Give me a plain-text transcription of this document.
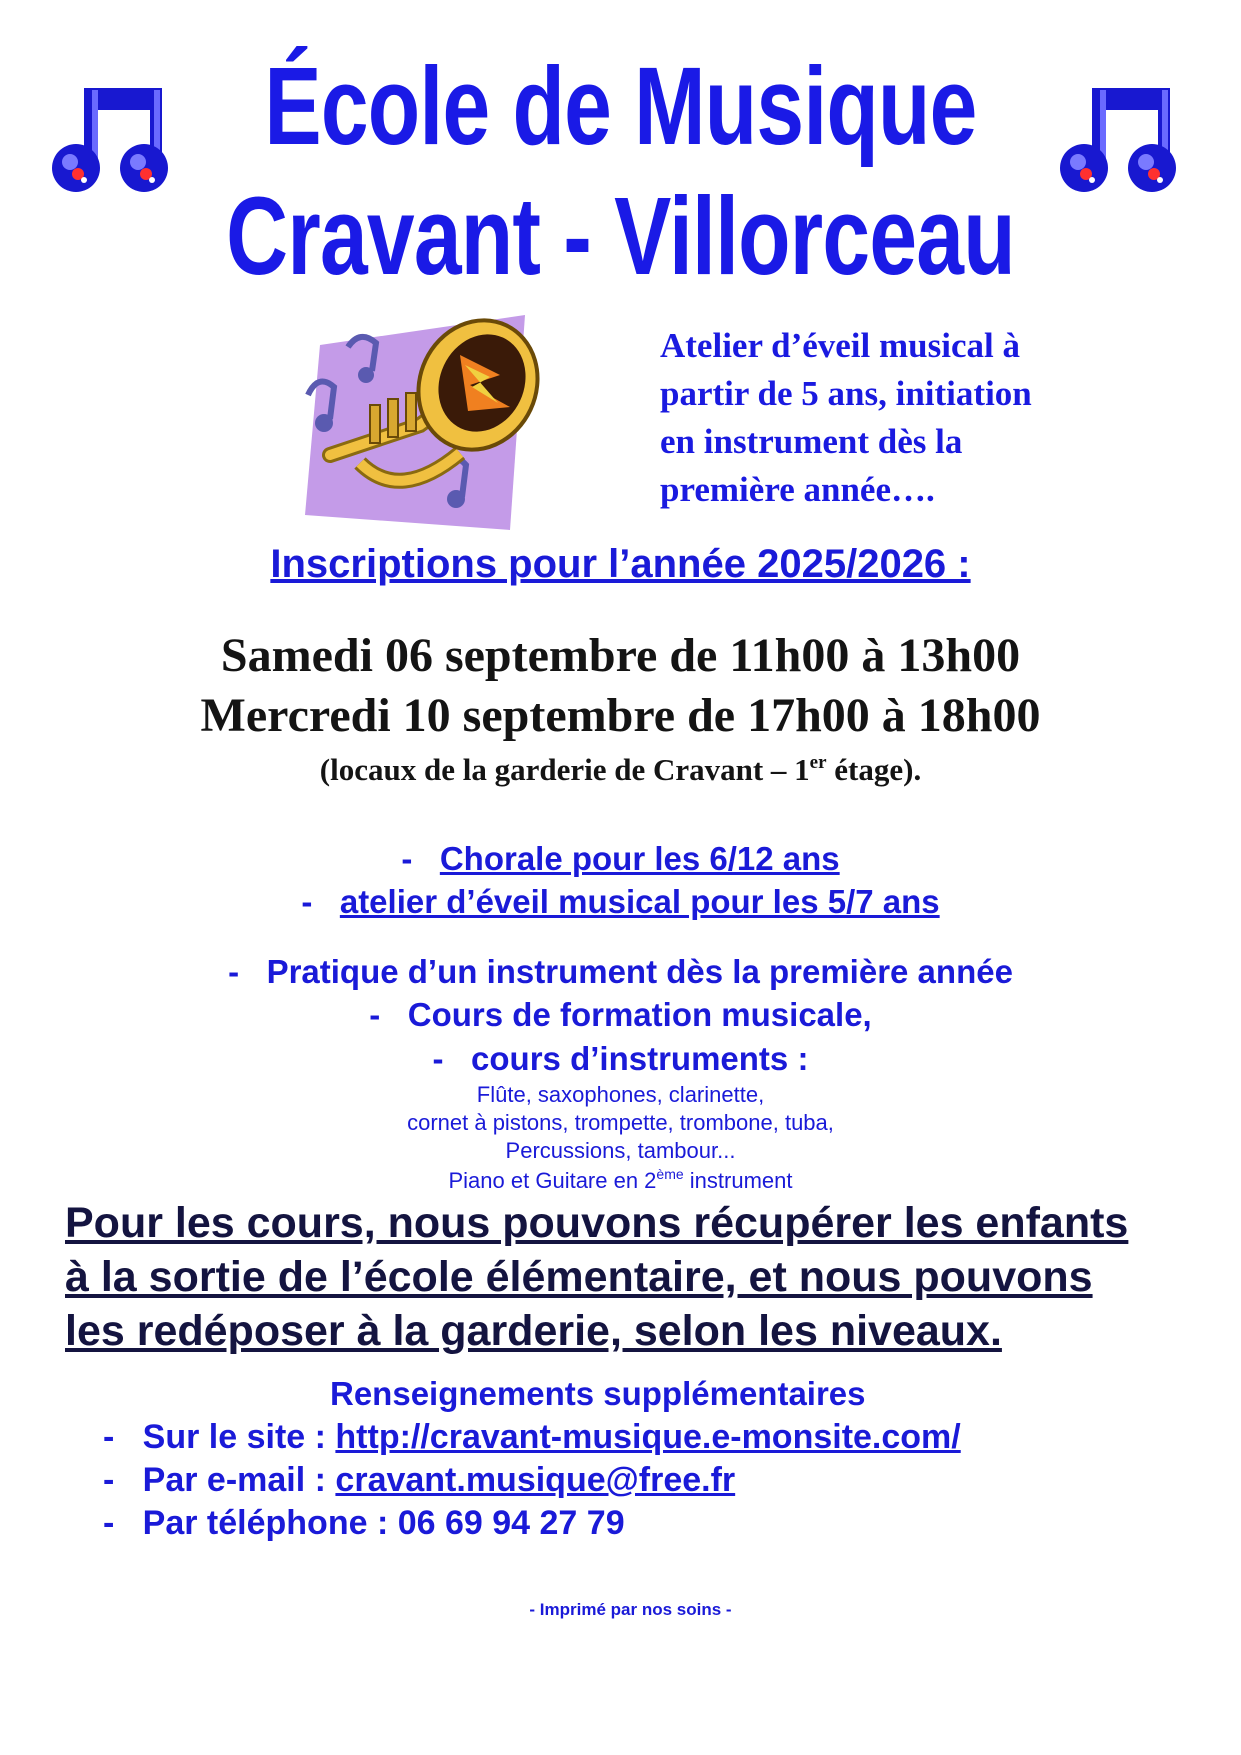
École de Musique
Cravant - Villorceau
Atelier d’éveil musical à
partir de 5 ans, initiation
en instrument dès la
première année….
Inscriptions pour l’année 2025/2026 :
Samedi 06 septembre de 11h00 à 13h00
Mercredi 10 septembre de 17h00 à 18h00
(locaux de la garderie de Cravant – 1er étage).
-   Chorale pour les 6/12 ans
-   atelier d’éveil musical pour les 5/7 ans
-   Pratique d’un instrument dès la première année
-   Cours de formation musicale,
-   cours d’instruments :
Flûte, saxophones, clarinette,
cornet à pistons, trompette, trombone, tuba,
Percussions, tambour...
Piano et Guitare en 2ème instrument
Pour les cours, nous pouvons récupérer les enfants
à la sortie de l’école élémentaire, et nous pouvons
les redéposer à la garderie, selon les niveaux.
Renseignements supplémentaires
-   Sur le site : http://cravant-musique.e-monsite.com/
-   Par e-mail : cravant.musique@free.fr
-   Par téléphone : 06 69 94 27 79
- Imprimé par nos soins -
